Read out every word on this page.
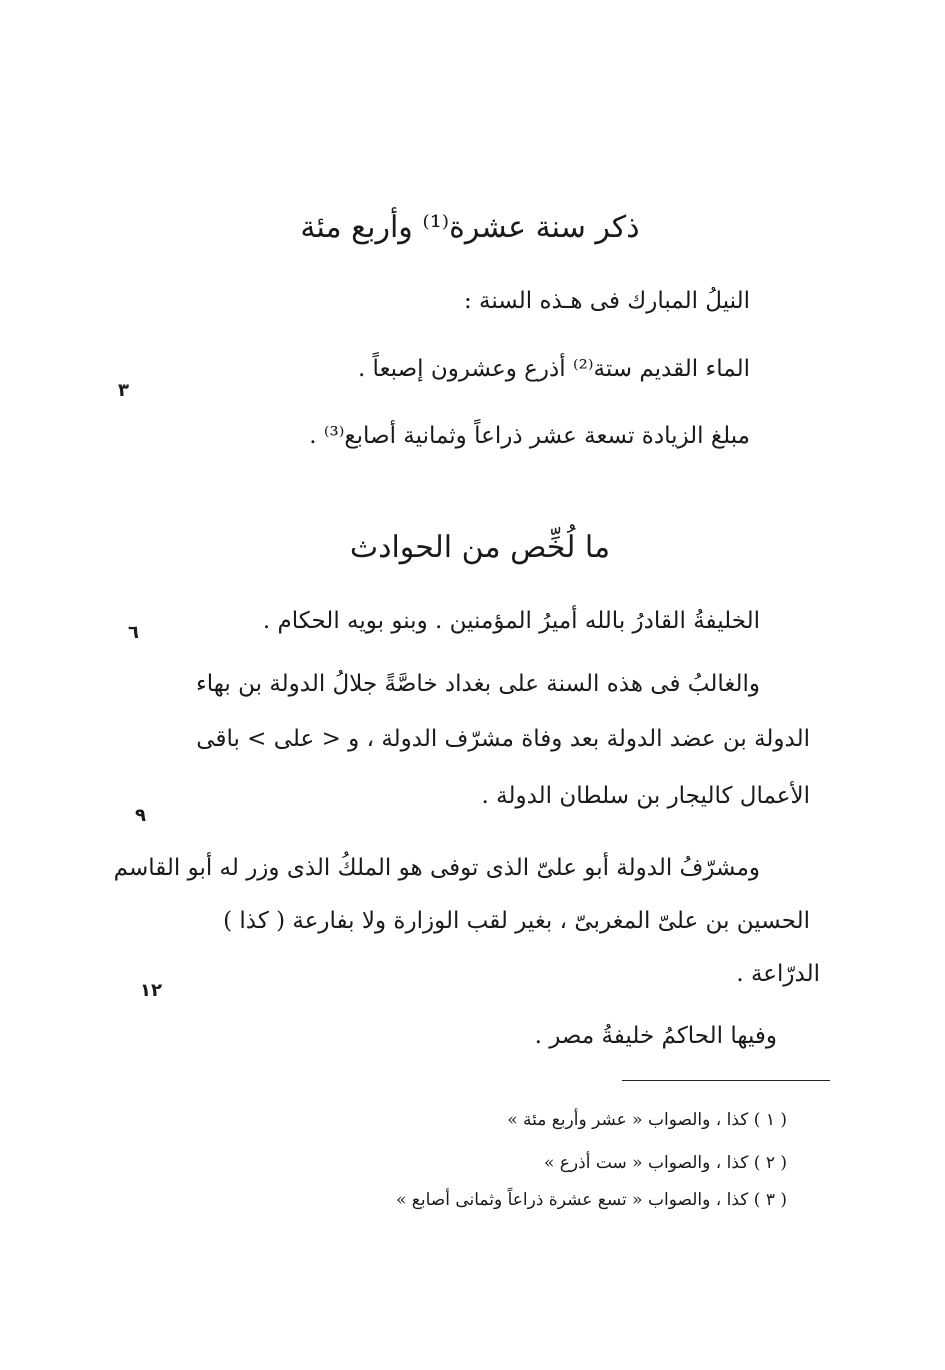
ذكر سنة عشرة⁽¹⁾ وأربع مئة
النيلُ المبارك فى هـذه السنة :
الماء القديم ستة⁽²⁾ أذرع وعشرون إصبعاً .
مبلغ الزيادة تسعة عشر ذراعاً وثمانية أصابع⁽³⁾ .
ما لُخِّص من الحوادث
الخليفةُ القادرُ بالله أميرُ المؤمنين . وبنو بويه الحكام .
والغالبُ فى هذه السنة على بغداد خاصَّةً جلالُ الدولة بن بهاء
الدولة بن عضد الدولة بعد وفاة مشرّف الدولة ، و < على > باقى
الأعمال كاليجار بن سلطان الدولة .
ومشرّفُ الدولة أبو علىّ الذى توفى هو الملكُ الذى وزر له أبو القاسم
الحسين بن علىّ المغربىّ ، بغير لقب الوزارة ولا بفارعة ( كذا )
الدرّاعة .
وفيها الحاكمُ خليفةُ مصر .
٣
٦
٩
١٢
( ١ ) كذا ، والصواب « عشر وأربع مئة »
( ٢ ) كذا ، والصواب « ست أذرع »
( ٣ ) كذا ، والصواب « تسع عشرة ذراعاً وثمانى أصابع »
